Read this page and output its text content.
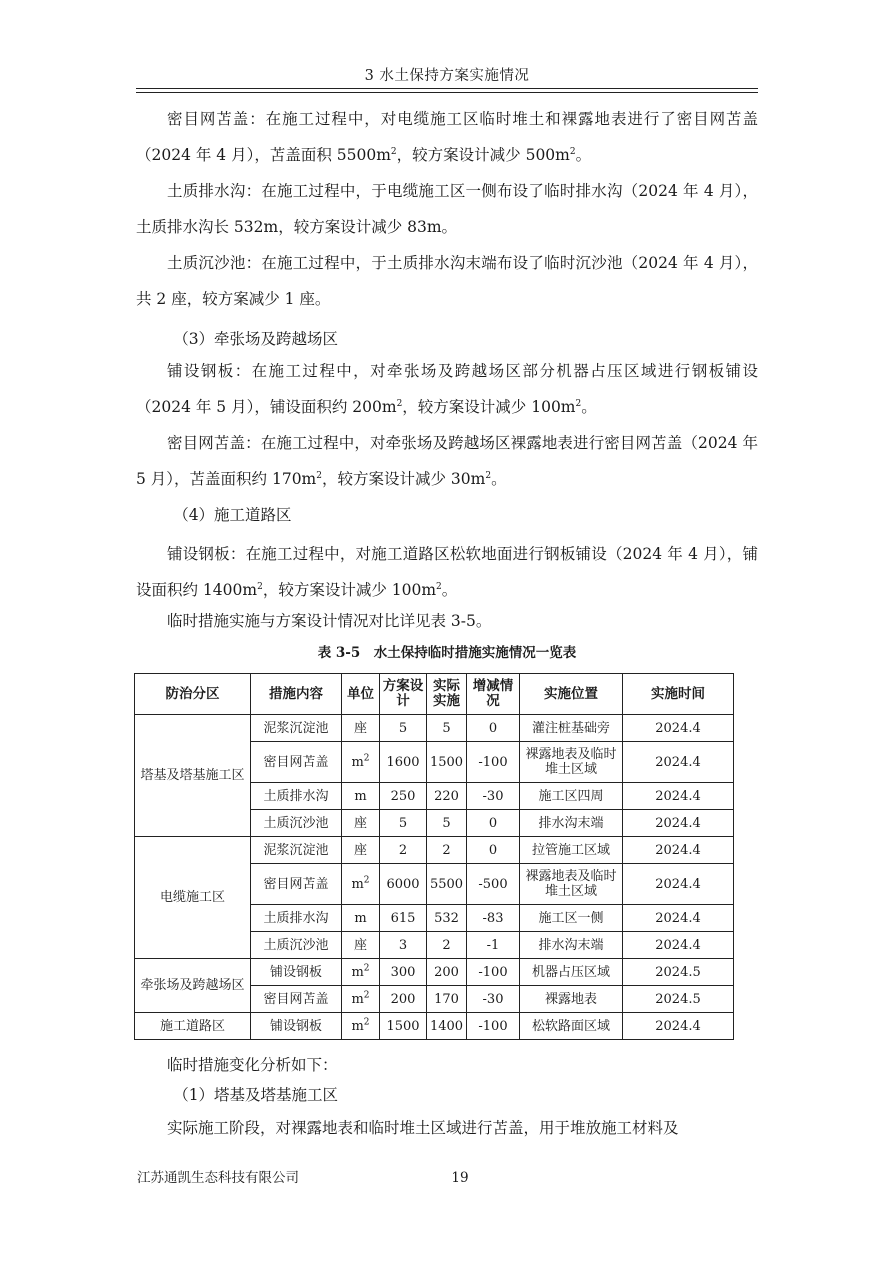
3 水土保持方案实施情况

密目网苫盖：在施工过程中，对电缆施工区临时堆土和裸露地表进行了密目网苫盖（2024 年 4 月），苫盖面积 $5500m^2$，较方案设计减少 $500m^2$。

土质排水沟：在施工过程中，于电缆施工区一侧布设了临时排水沟（2024 年 4 月），土质排水沟长 532m，较方案设计减少 83m。

土质沉沙池：在施工过程中，于土质排水沟末端布设了临时沉沙池（2024 年 4 月），共 2 座，较方案减少 1 座。

（3）牵张场及跨越场区

铺设钢板：在施工过程中，对牵张场及跨越场区部分机器占压区域进行钢板铺设（2024 年 5 月），铺设面积约 $200m^2$，较方案设计减少 $100m^2$。

密目网苫盖：在施工过程中，对牵张场及跨越场区裸露地表进行密目网苫盖（2024 年 5 月），苫盖面积约 $170m^2$，较方案设计减少 $30m^2$。

（4）施工道路区

铺设钢板：在施工过程中，对施工道路区松软地面进行钢板铺设（2024 年 4 月），铺设面积约 $1400m^2$，较方案设计减少 $100m^2$。

临时措施实施与方案设计情况对比详见表 3-5。

表 3-5　水土保持临时措施实施情况一览表
防治分区	措施内容	单位	方案设计	实际实施	增减情况	实施位置	实施时间
塔基及塔基施工区	泥浆沉淀池	座	5	5	0	灌注桩基础旁	2024.4
	密目网苫盖	$m^2$	1600	1500	-100	裸露地表及临时堆土区域	2024.4
	土质排水沟	m	250	220	-30	施工区四周	2024.4
	土质沉沙池	座	5	5	0	排水沟末端	2024.4
电缆施工区	泥浆沉淀池	座	2	2	0	拉管施工区域	2024.4
	密目网苫盖	$m^2$	6000	5500	-500	裸露地表及临时堆土区域	2024.4
	土质排水沟	m	615	532	-83	施工区一侧	2024.4
	土质沉沙池	座	3	2	-1	排水沟末端	2024.4
牵张场及跨越场区	铺设钢板	$m^2$	300	200	-100	机器占压区域	2024.5
	密目网苫盖	$m^2$	200	170	-30	裸露地表	2024.5
施工道路区	铺设钢板	$m^2$	1500	1400	-100	松软路面区域	2024.4

临时措施变化分析如下：

（1）塔基及塔基施工区

实际施工阶段，对裸露地表和临时堆土区域进行苫盖，用于堆放施工材料及

江苏通凯生态科技有限公司	19
